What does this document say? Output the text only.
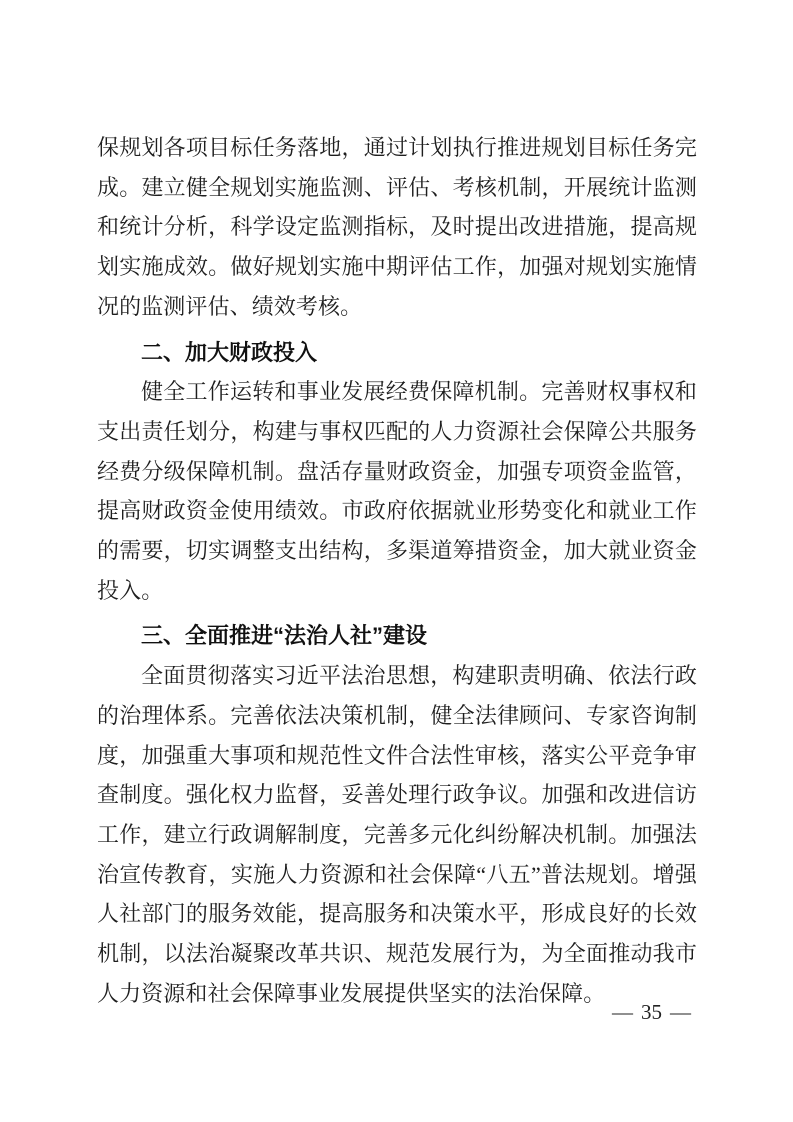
保规划各项目标任务落地，通过计划执行推进规划目标任务完成。建立健全规划实施监测、评估、考核机制，开展统计监测和统计分析，科学设定监测指标，及时提出改进措施，提高规划实施成效。做好规划实施中期评估工作，加强对规划实施情况的监测评估、绩效考核。

二、加大财政投入

健全工作运转和事业发展经费保障机制。完善财权事权和支出责任划分，构建与事权匹配的人力资源社会保障公共服务经费分级保障机制。盘活存量财政资金，加强专项资金监管，提高财政资金使用绩效。市政府依据就业形势变化和就业工作的需要，切实调整支出结构，多渠道筹措资金，加大就业资金投入。

三、全面推进“法治人社”建设

全面贯彻落实习近平法治思想，构建职责明确、依法行政的治理体系。完善依法决策机制，健全法律顾问、专家咨询制度，加强重大事项和规范性文件合法性审核，落实公平竞争审查制度。强化权力监督，妥善处理行政争议。加强和改进信访工作，建立行政调解制度，完善多元化纠纷解决机制。加强法治宣传教育，实施人力资源和社会保障“八五”普法规划。增强人社部门的服务效能，提高服务和决策水平，形成良好的长效机制，以法治凝聚改革共识、规范发展行为，为全面推动我市人力资源和社会保障事业发展提供坚实的法治保障。

— 35 —
